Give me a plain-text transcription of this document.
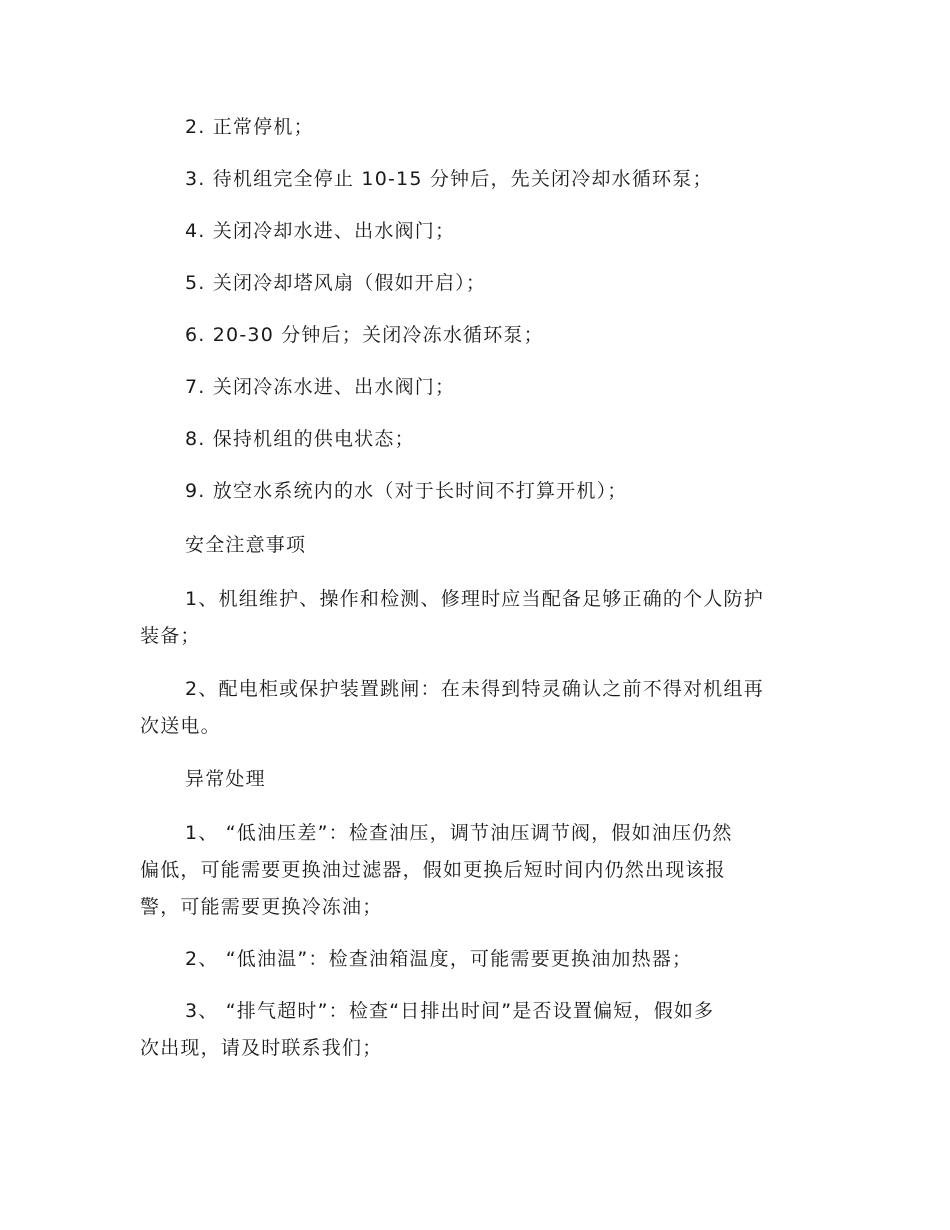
2. 正常停机；
3. 待机组完全停止 10-15 分钟后，先关闭冷却水循环泵；
4. 关闭冷却水进、出水阀门；
5. 关闭冷却塔风扇（假如开启）；
6. 20-30 分钟后；关闭冷冻水循环泵；
7. 关闭冷冻水进、出水阀门；
8. 保持机组的供电状态；
9. 放空水系统内的水（对于长时间不打算开机）；
安全注意事项
1、机组维护、操作和检测、修理时应当配备足够正确的个人防护
装备；
2、配电柜或保护装置跳闸：在未得到特灵确认之前不得对机组再
次送电。
异常处理
1、 “低油压差”：检查油压，调节油压调节阀，假如油压仍然
偏低，可能需要更换油过滤器，假如更换后短时间内仍然出现该报
警，可能需要更换冷冻油；
2、 “低油温”：检查油箱温度，可能需要更换油加热器；
3、 “排气超时”：检查“日排出时间”是否设置偏短，假如多
次出现，请及时联系我们；
